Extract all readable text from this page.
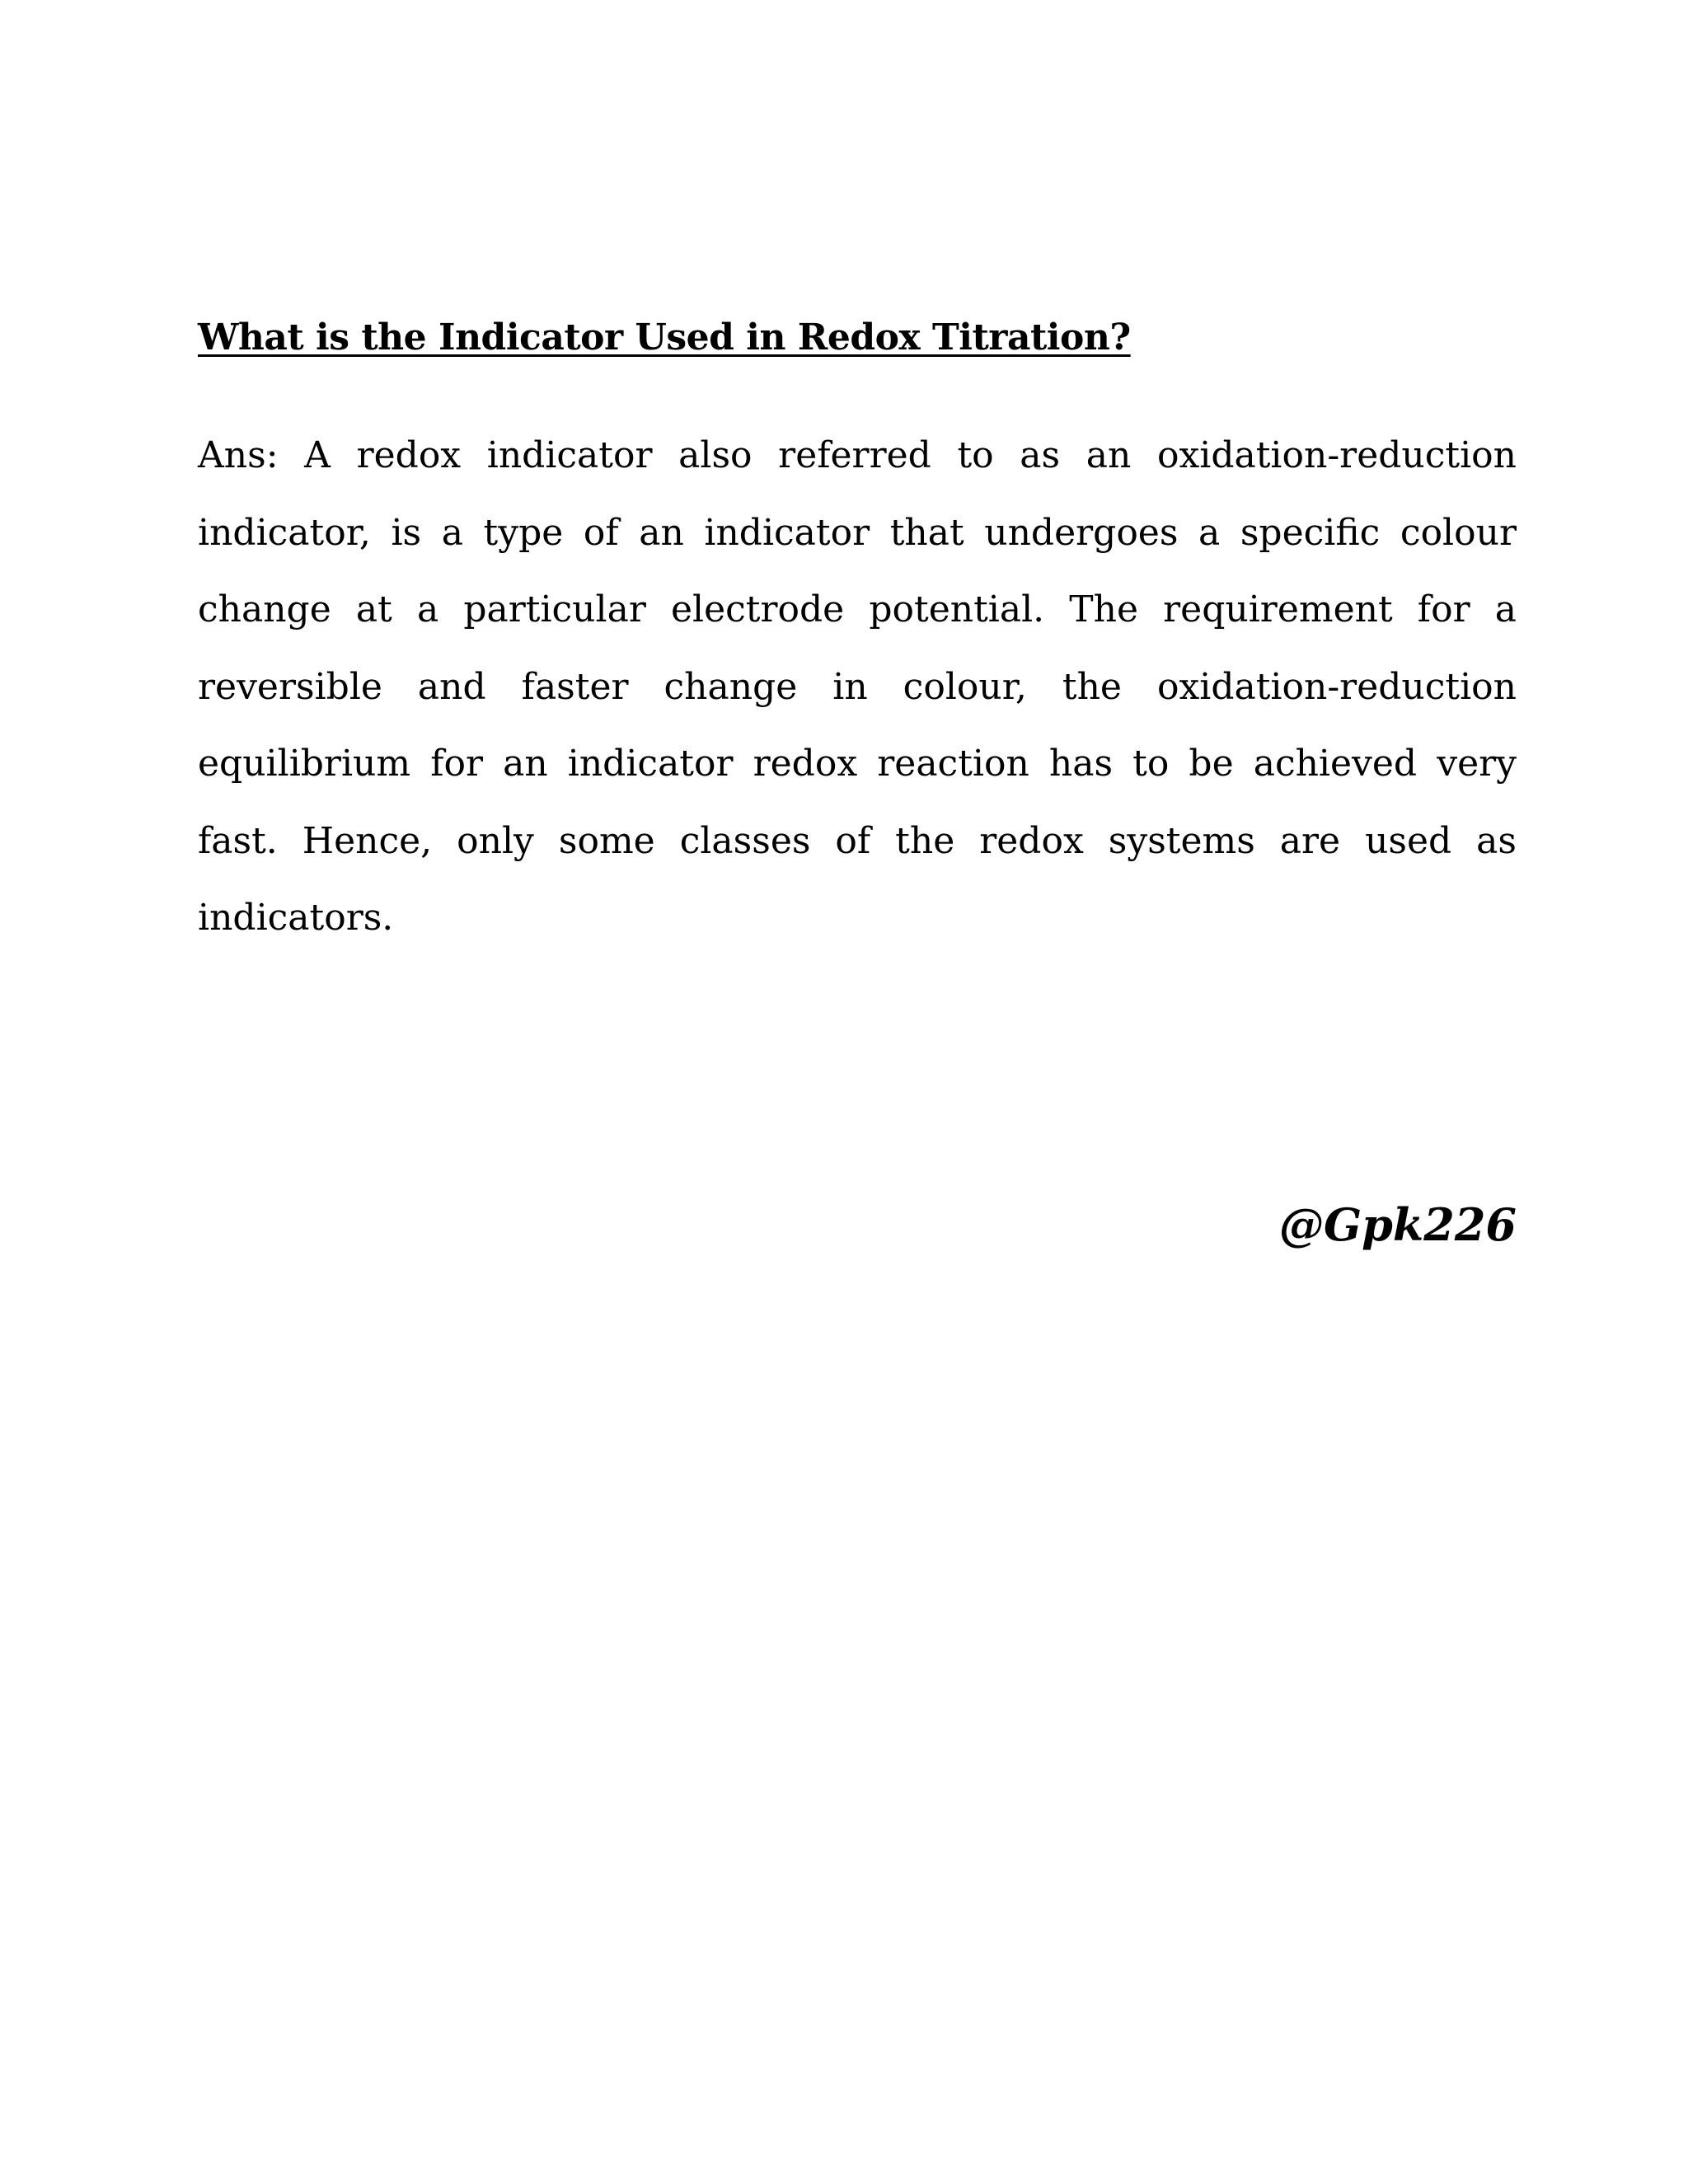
What is the Indicator Used in Redox Titration?

Ans: A redox indicator also referred to as an oxidation-reduction indicator, is a type of an indicator that undergoes a specific colour change at a particular electrode potential. The requirement for a reversible and faster change in colour, the oxidation-reduction equilibrium for an indicator redox reaction has to be achieved very fast. Hence, only some classes of the redox systems are used as indicators.

@Gpk226
